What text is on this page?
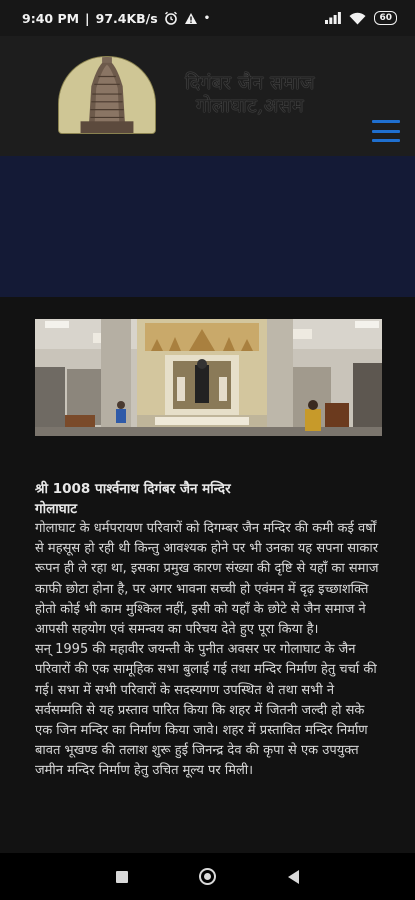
9:40 PM | 97.4KB/s	•	60
दिगंबर जैन समाज
गोलाघाट,असम
श्री 1008 पार्श्वनाथ दिगंबर जैन मन्दिर
गोलाघाट

गोलाघाट के धर्मपरायण परिवारों को दिगम्बर जैन मन्दिर की कमी कई वर्षों से महसूस हो रही थी किन्तु आवश्यक होने पर भी उनका यह सपना साकार रूपन ही ले रहा था, इसका प्रमुख कारण संख्या की दृष्टि से यहाँ का समाज काफी छोटा होना है, पर अगर भावना सच्ची हो एवंमन में दृढ़ इच्छाशक्ति होतो कोई भी काम मुश्किल नहीं, इसी को यहाँ के छोटे से जैन समाज ने आपसी सहयोग एवं समन्वय का परिचय देते हुए पूरा किया है।

सन् 1995 की महावीर जयन्ती के पुनीत अवसर पर गोलाघाट के जैन परिवारों की एक सामूहिक सभा बुलाई गई तथा मन्दिर निर्माण हेतु चर्चा की गई। सभा में सभी परिवारों के सदस्यगण उपस्थित थे तथा सभी ने सर्वसम्मति से यह प्रस्ताव पारित किया कि शहर में जितनी जल्दी हो सके एक जिन मन्दिर का निर्माण किया जावे। शहर में प्रस्तावित मन्दिर निर्माण

बावत भूखण्ड की तलाश शुरू हुई जिनन्द्र देव की कृपा से एक उपयुक्त जमीन मन्दिर निर्माण हेतु उचित मूल्य पर मिली।
